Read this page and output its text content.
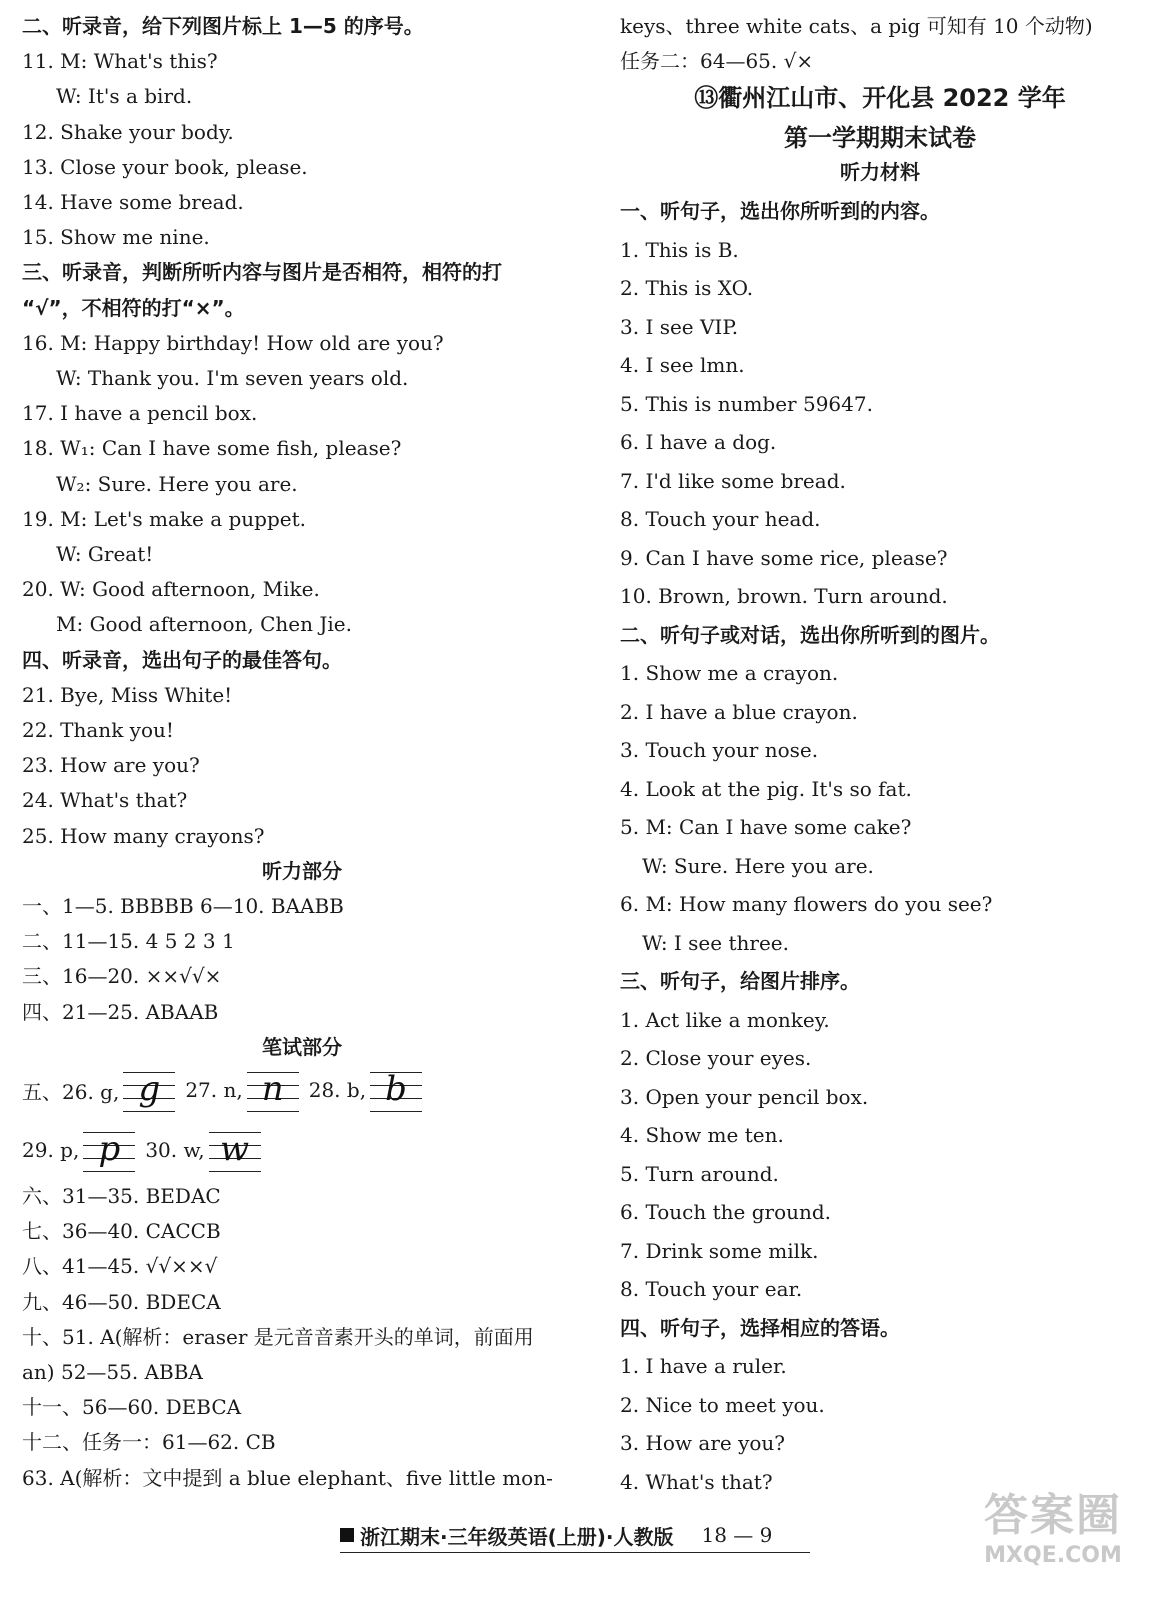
二、听录音，给下列图片标上 1—5 的序号。
11. M: What's this?
W: It's a bird.
12. Shake your body.
13. Close your book, please.
14. Have some bread.
15. Show me nine.
三、听录音，判断所听内容与图片是否相符，相符的打
“√”，不相符的打“×”。
16. M: Happy birthday! How old are you?
W: Thank you. I'm seven years old.
17. I have a pencil box.
18. W₁: Can I have some fish, please?
W₂: Sure. Here you are.
19. M: Let's make a puppet.
W: Great!
20. W: Good afternoon, Mike.
M: Good afternoon, Chen Jie.
四、听录音，选出句子的最佳答句。
21. Bye, Miss White!
22. Thank you!
23. How are you?
24. What's that?
25. How many crayons?
听力部分
一、1—5. BBBBB 6—10. BAABB
二、11—15. 4 5 2 3 1
三、16—20. ××√√×
四、21—25. ABAAB
笔试部分
五、26. g, g	27. n, n	28. b, b
29. p, p	30. w, w
六、31—35. BEDAC
七、36—40. CACCB
八、41—45. √√××√
九、46—50. BDECA
十、51. A(解析：eraser 是元音音素开头的单词，前面用
an) 52—55. ABBA
十一、56—60. DEBCA
十二、任务一：61—62. CB
63. A(解析：文中提到 a blue elephant、five little mon-
keys、three white cats、a pig 可知有 10 个动物)
任务二：64—65. √×
⑬衢州江山市、开化县 2022 学年
第一学期期末试卷
听力材料
一、听句子，选出你所听到的内容。
1. This is B.
2. This is XO.
3. I see VIP.
4. I see lmn.
5. This is number 59647.
6. I have a dog.
7. I'd like some bread.
8. Touch your head.
9. Can I have some rice, please?
10. Brown, brown. Turn around.
二、听句子或对话，选出你所听到的图片。
1. Show me a crayon.
2. I have a blue crayon.
3. Touch your nose.
4. Look at the pig. It's so fat.
5. M: Can I have some cake?
W: Sure. Here you are.
6. M: How many flowers do you see?
W: I see three.
三、听句子，给图片排序。
1. Act like a monkey.
2. Close your eyes.
3. Open your pencil box.
4. Show me ten.
5. Turn around.
6. Touch the ground.
7. Drink some milk.
8. Touch your ear.
四、听句子，选择相应的答语。
1. I have a ruler.
2. Nice to meet you.
3. How are you?
4. What's that?
浙江期末·三年级英语(上册)·人教版 18 — 9	答案圈
MXQE.COM
